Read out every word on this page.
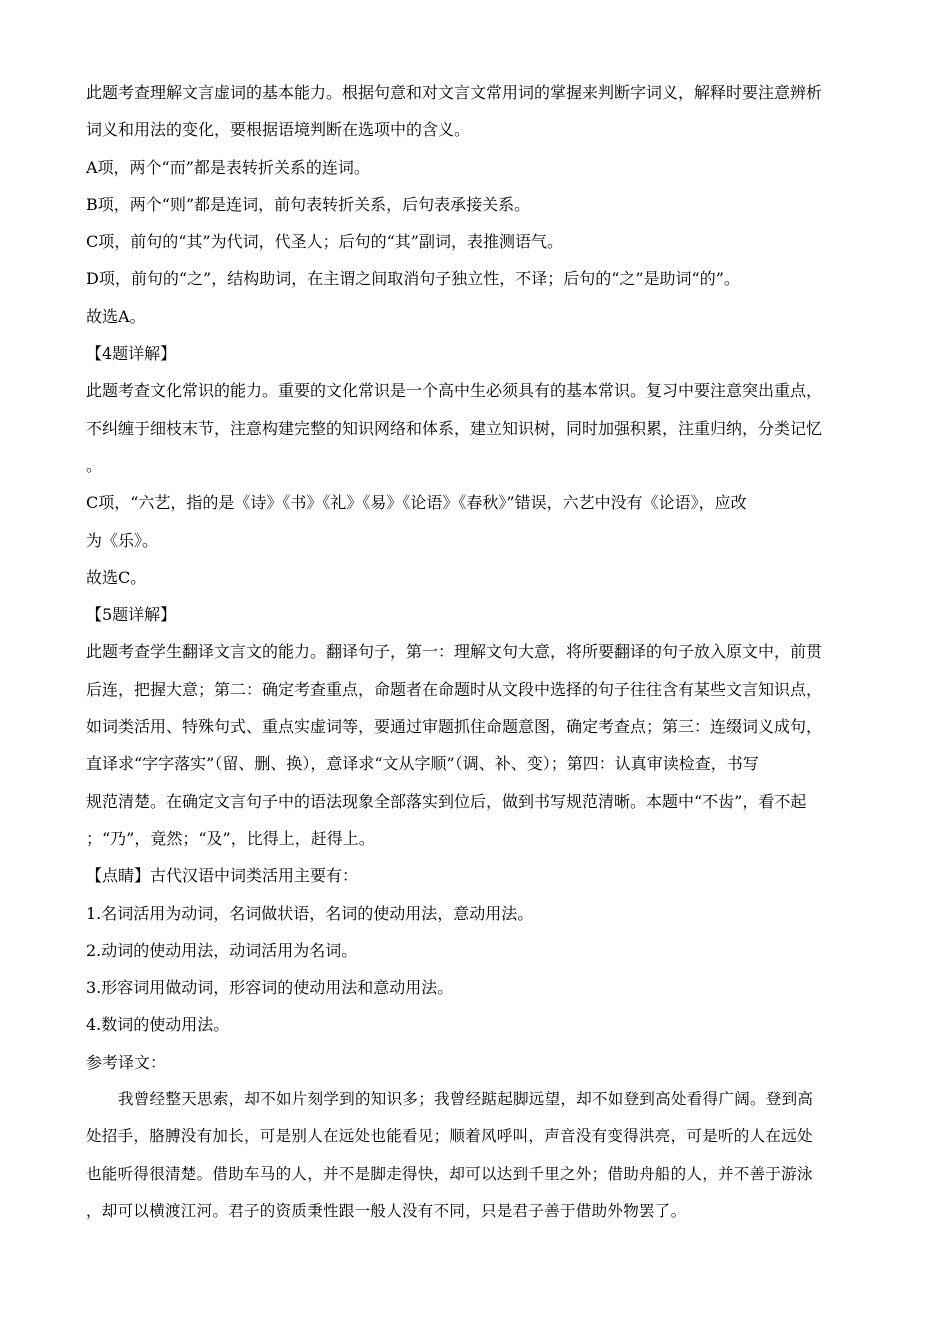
此题考查理解文言虚词的基本能力。根据句意和对文言文常用词的掌握来判断字词义，解释时要注意辨析
词义和用法的变化，要根据语境判断在选项中的含义。
A项，两个“而”都是表转折关系的连词。
B项，两个“则”都是连词，前句表转折关系，后句表承接关系。
C项，前句的“其”为代词，代圣人；后句的“其”副词，表推测语气。
D项，前句的“之”，结构助词，在主谓之间取消句子独立性，不译；后句的“之”是助词“的”。
故选A。
【4题详解】
此题考查文化常识的能力。重要的文化常识是一个高中生必须具有的基本常识。复习中要注意突出重点，
不纠缠于细枝末节，注意构建完整的知识网络和体系，建立知识树，同时加强积累，注重归纳，分类记忆
。
C项，“六艺，指的是《诗》《书》《礼》《易》《论语》《春秋》”错误，六艺中没有《论语》，应改
为《乐》。
故选C。
【5题详解】
此题考查学生翻译文言文的能力。翻译句子，第一：理解文句大意，将所要翻译的句子放入原文中，前贯
后连，把握大意；第二：确定考查重点，命题者在命题时从文段中选择的句子往往含有某些文言知识点，
如词类活用、特殊句式、重点实虚词等，要通过审题抓住命题意图，确定考查点；第三：连缀词义成句，
直译求“字字落实”（留、删、换），意译求“文从字顺”（调、补、变）；第四：认真审读检查，书写
规范清楚。在确定文言句子中的语法现象全部落实到位后，做到书写规范清晰。本题中“不齿”，看不起
；“乃”，竟然；“及”，比得上，赶得上。
【点睛】古代汉语中词类活用主要有：
1.名词活用为动词，名词做状语，名词的使动用法，意动用法。
2.动词的使动用法，动词活用为名词。
3.形容词用做动词，形容词的使动用法和意动用法。
4.数词的使动用法。
参考译文：
我曾经整天思索，却不如片刻学到的知识多；我曾经踮起脚远望，却不如登到高处看得广阔。登到高
处招手，胳膊没有加长，可是别人在远处也能看见；顺着风呼叫，声音没有变得洪亮，可是听的人在远处
也能听得很清楚。借助车马的人，并不是脚走得快，却可以达到千里之外；借助舟船的人，并不善于游泳
，却可以横渡江河。君子的资质秉性跟一般人没有不同，只是君子善于借助外物罢了。
